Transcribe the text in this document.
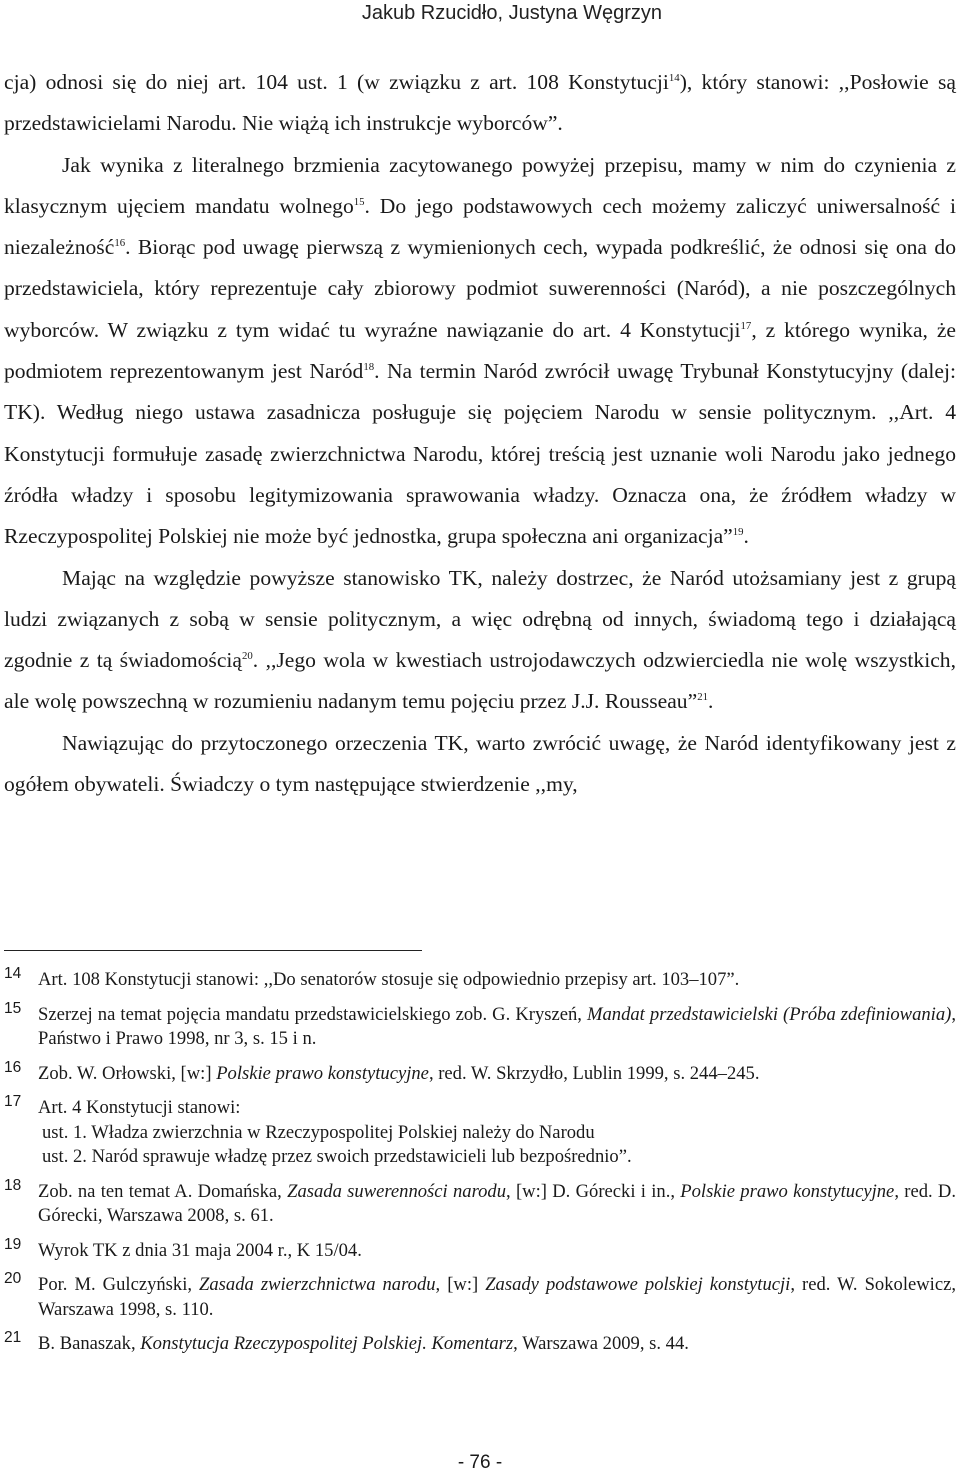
Jakub Rzucidło, Justyna Węgrzyn

cja) odnosi się do niej art. 104 ust. 1 (w związku z art. 108 Konstytucji$^{14}$), który stanowi: ,,Posłowie są przedstawicielami Narodu. Nie wiążą ich instrukcje wyborców”.

Jak wynika z literalnego brzmienia zacytowanego powyżej przepisu, mamy w nim do czynienia z klasycznym ujęciem mandatu wolnego$^{15}$. Do jego podstawowych cech możemy zaliczyć uniwersalność i niezależność$^{16}$. Biorąc pod uwagę pierwszą z wymienionych cech, wypada podkreślić, że odnosi się ona do przedstawiciela, który reprezentuje cały zbiorowy podmiot suwerenności (Naród), a nie poszczególnych wyborców. W związku z tym widać tu wyraźne nawiązanie do art. 4 Konstytucji$^{17}$, z którego wynika, że podmiotem reprezentowanym jest Naród$^{18}$. Na termin Naród zwrócił uwagę Trybunał Konstytucyjny (dalej: TK). Według niego ustawa zasadnicza posługuje się pojęciem Narodu w sensie politycznym. ,,Art. 4 Konstytucji formułuje zasadę zwierzchnictwa Narodu, której treścią jest uznanie woli Narodu jako jednego źródła władzy i sposobu legitymizowania sprawowania władzy. Oznacza ona, że źródłem władzy w Rzeczypospolitej Polskiej nie może być jednostka, grupa społeczna ani organizacja”$^{19}$.

Mając na względzie powyższe stanowisko TK, należy dostrzec, że Naród utożsamiany jest z grupą ludzi związanych z sobą w sensie politycznym, a więc odrębną od innych, świadomą tego i działającą zgodnie z tą świadomością$^{20}$. ,,Jego wola w kwestiach ustrojodawczych odzwierciedla nie wolę wszystkich, ale wolę powszechną w rozumieniu nadanym temu pojęciu przez J.J. Rousseau”$^{21}$.

Nawiązując do przytoczonego orzeczenia TK, warto zwrócić uwagę, że Naród identyfikowany jest z ogółem obywateli. Świadczy o tym następujące stwierdzenie ,,my,

14 Art. 108 Konstytucji stanowi: ,,Do senatorów stosuje się odpowiednio przepisy art. 103–107”.
15 Szerzej na temat pojęcia mandatu przedstawicielskiego zob. G. Kryszeń, Mandat przedstawicielski (Próba zdefiniowania), Państwo i Prawo 1998, nr 3, s. 15 i n.
16 Zob. W. Orłowski, [w:] Polskie prawo konstytucyjne, red. W. Skrzydło, Lublin 1999, s. 244–245.
17 Art. 4 Konstytucji stanowi:
ust. 1. Władza zwierzchnia w Rzeczypospolitej Polskiej należy do Narodu
ust. 2. Naród sprawuje władzę przez swoich przedstawicieli lub bezpośrednio”.
18 Zob. na ten temat A. Domańska, Zasada suwerenności narodu, [w:] D. Górecki i in., Polskie prawo konstytucyjne, red. D. Górecki, Warszawa 2008, s. 61.
19 Wyrok TK z dnia 31 maja 2004 r., K 15/04.
20 Por. M. Gulczyński, Zasada zwierzchnictwa narodu, [w:] Zasady podstawowe polskiej konstytucji, red. W. Sokolewicz, Warszawa 1998, s. 110.
21 B. Banaszak, Konstytucja Rzeczypospolitej Polskiej. Komentarz, Warszawa 2009, s. 44.
- 76 -
